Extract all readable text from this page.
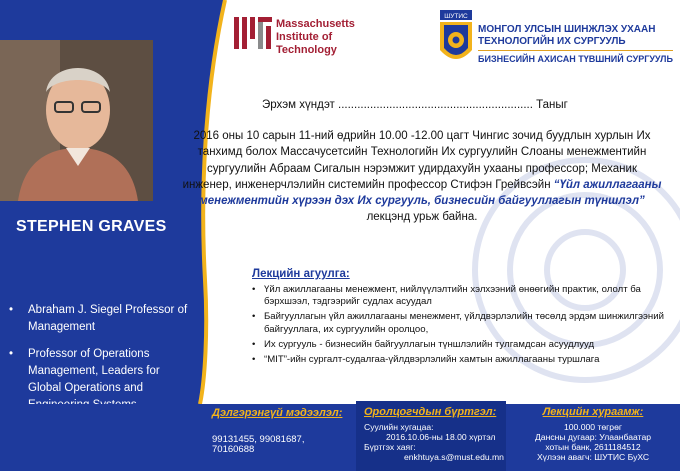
STEPHEN GRAVES
• Abraham J. Siegel Professor of Management
• Professor of Operations Management, Leaders for Global Operations and
Massachusetts
Institute of
Technology
ШУТИС
МОНГОЛ УЛСЫН ШИНЖЛЭХ УХААН
ТЕХНОЛОГИЙН ИХ СУРГУУЛЬ
БИЗНЕСИЙН АХИСАН ТҮВШНИЙ СУРГУУЛЬ
Эрхэм хүндэт ............................................................. Таныг
2016 оны 10 сарын 11-ний өдрийн 10.00 -12.00 цагт Чингис зочид буудлын хурлын Их танхимд болох Массачусетсийн Технологийн Их сургуулийн Слоаны менежментийн сургуулийн Абраам Сигалын нэрэмжит удирдахуйн ухааны профессор; Механик инженер, инженерчлэлийн системийн профессор Стифэн Грейвсэйн “Үйл ажиллагааны менежментийн хүрээн дэх Их сургууль, бизнесийн байгууллагын түншлэл” лекцэнд урьж байна.
Лекцийн агуулга:
• Үйл ажиллагааны менежмент, нийлүүлэлтийн хэлхээний өнөөгийн практик, ололт ба бэрхшээл, тэдгээрийг судлах асуудал
• Байгууллагын үйл ажиллагааны менежмент, үйлдвэрлэлийн төсөлд эрдэм шинжилгээний байгууллага, их сургуулийн оролцоо,
• Их сургууль - бизнесийн байгууллагын түншлэлийн тулгамдсан асуудлууд
• “MIT”-ийн сургалт-судалгаа-үйлдвэрлэлийн хамтын ажиллагааны туршлага
Дэлгэрэнгүй мэдээлэл:
99131455, 99081687, 70160688
Оролцогчдын бүртгэл:
Суулийн хугацаа:
2016.10.06-ны 18.00 хүртэл
Бүртгэх хаяг:
enkhtuya.s@must.edu.mn
Лекцийн хураамж:
100.000 төгрөг
Дансны дугаар: Улаанбаатар
хотын банк, 2611184512
Хүлээн авагч: ШУТИС БуХС
